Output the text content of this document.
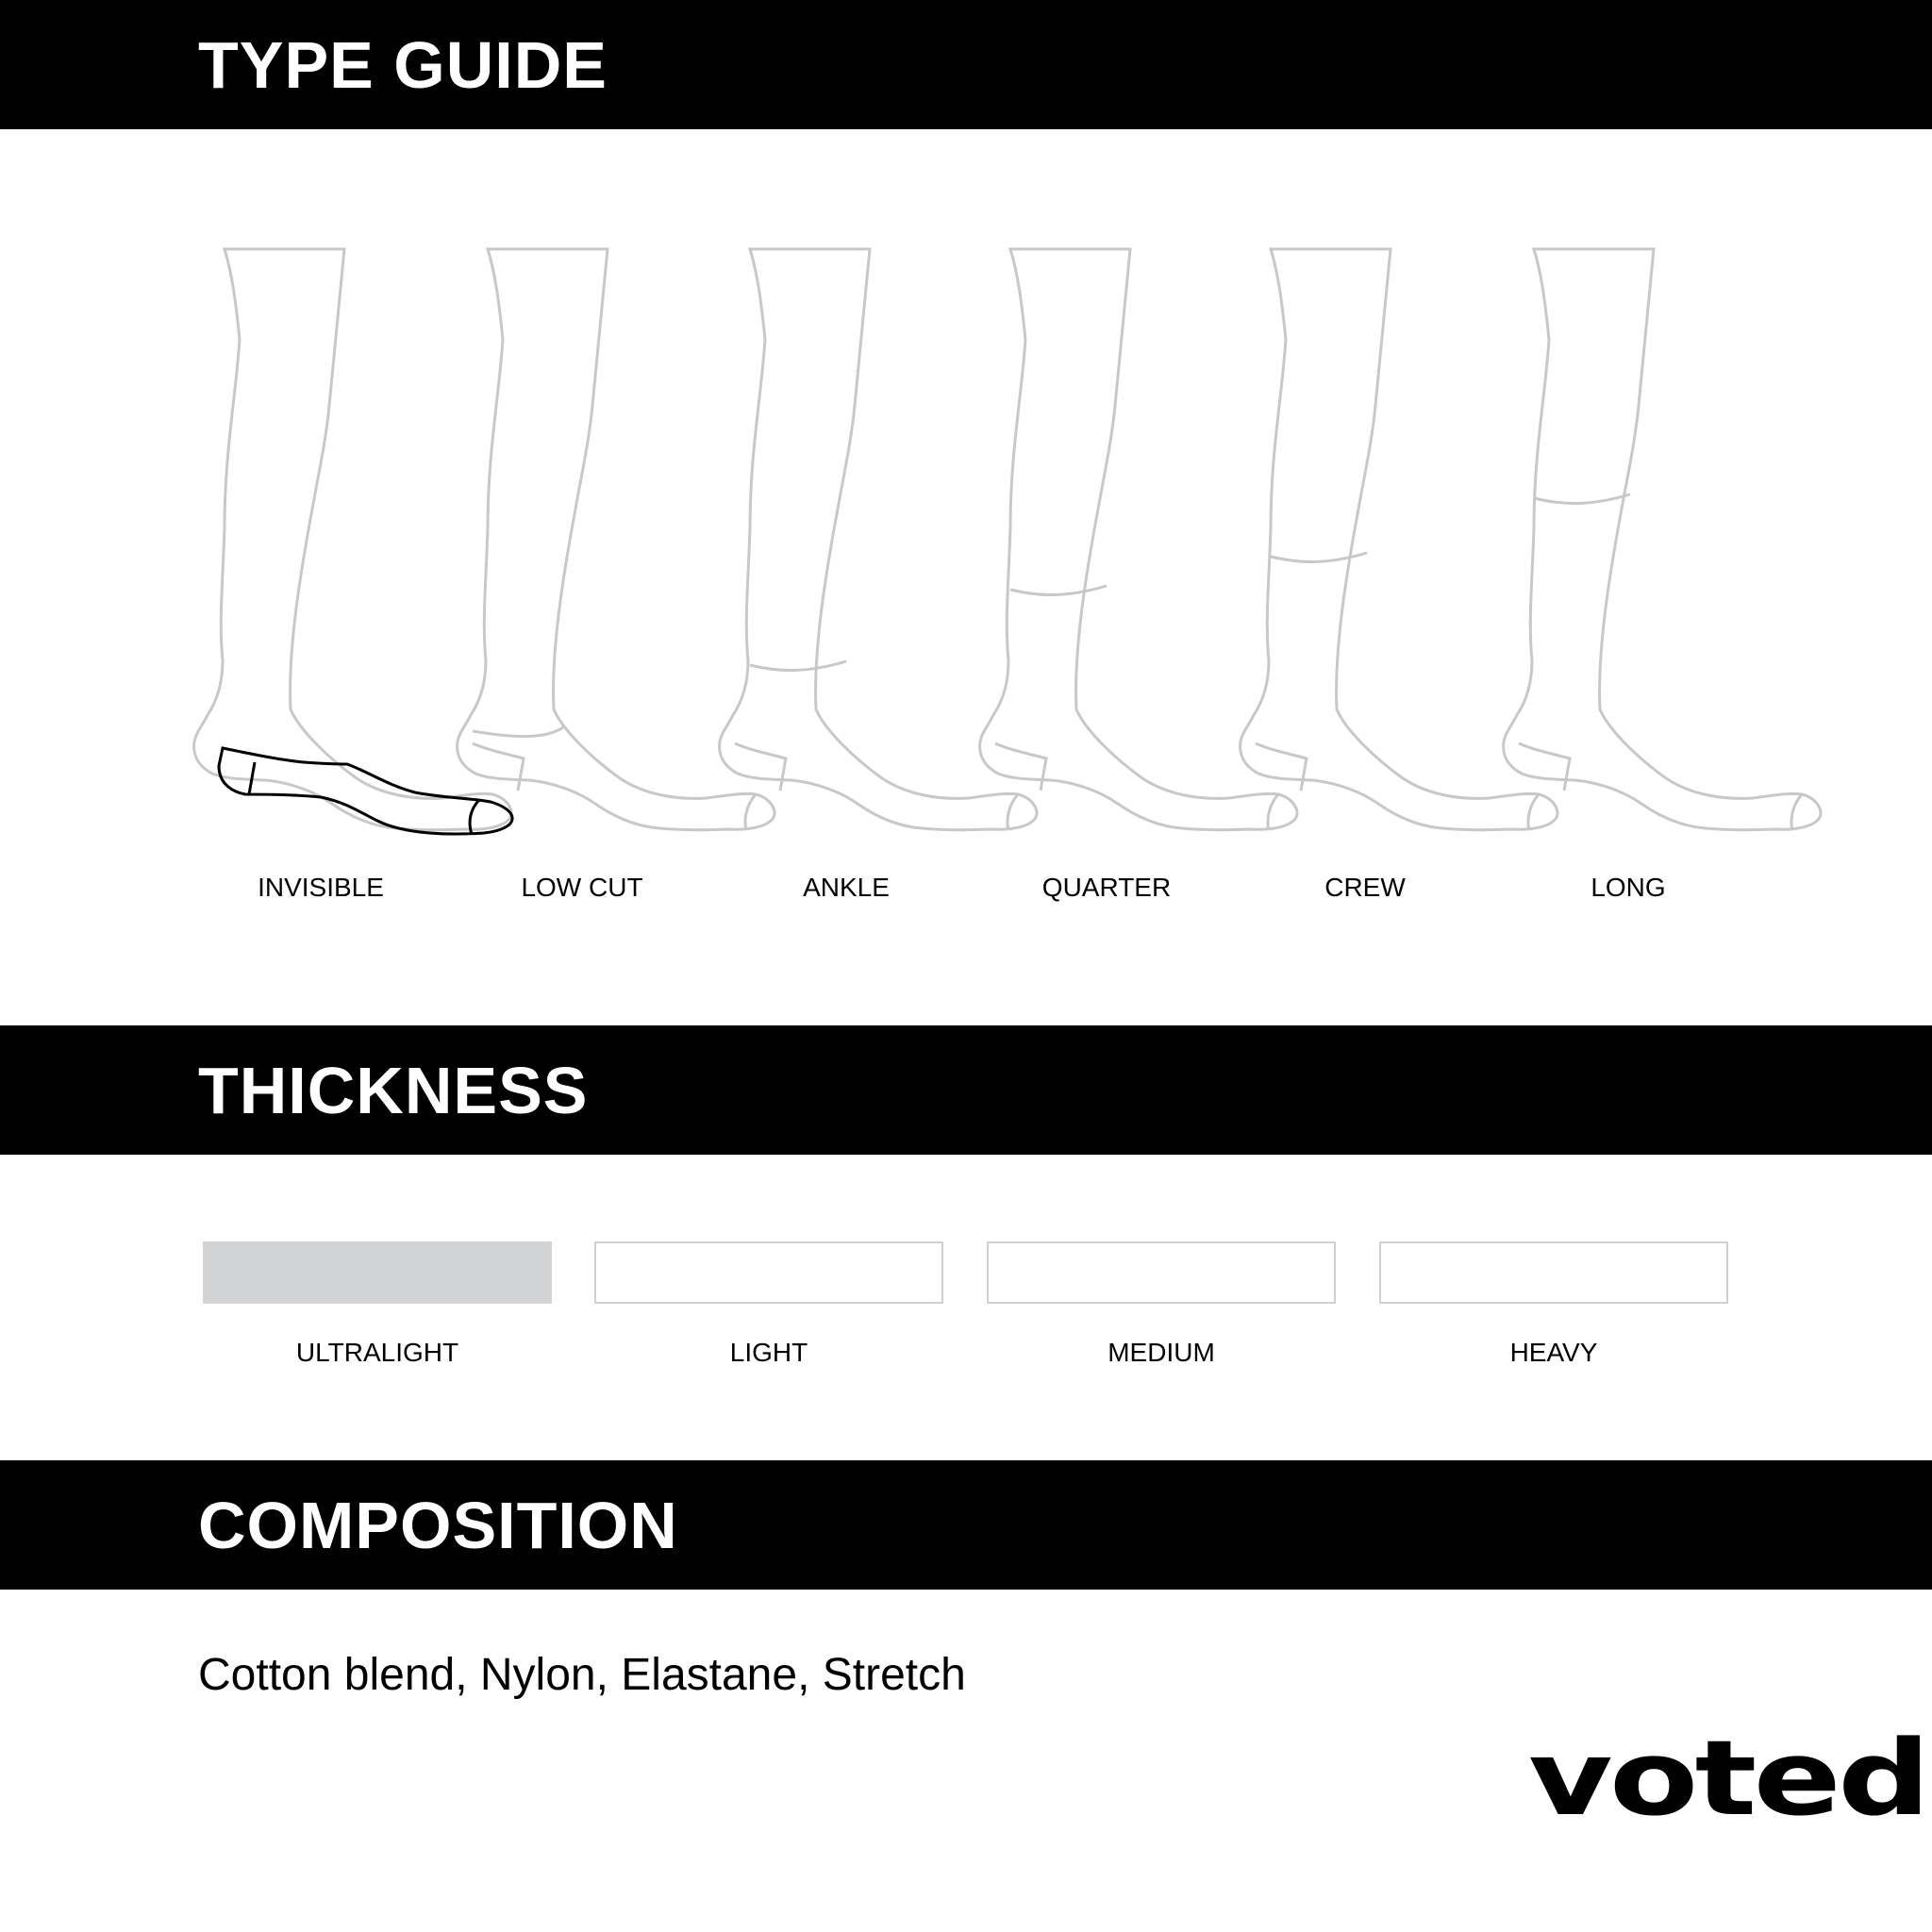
TYPE GUIDE
INVISIBLE	LOW CUT	ANKLE	QUARTER	CREW	LONG
THICKNESS
ULTRALIGHT	LIGHT	MEDIUM	HEAVY
COMPOSITION

Cotton blend, Nylon, Elastane, Stretch

voted
